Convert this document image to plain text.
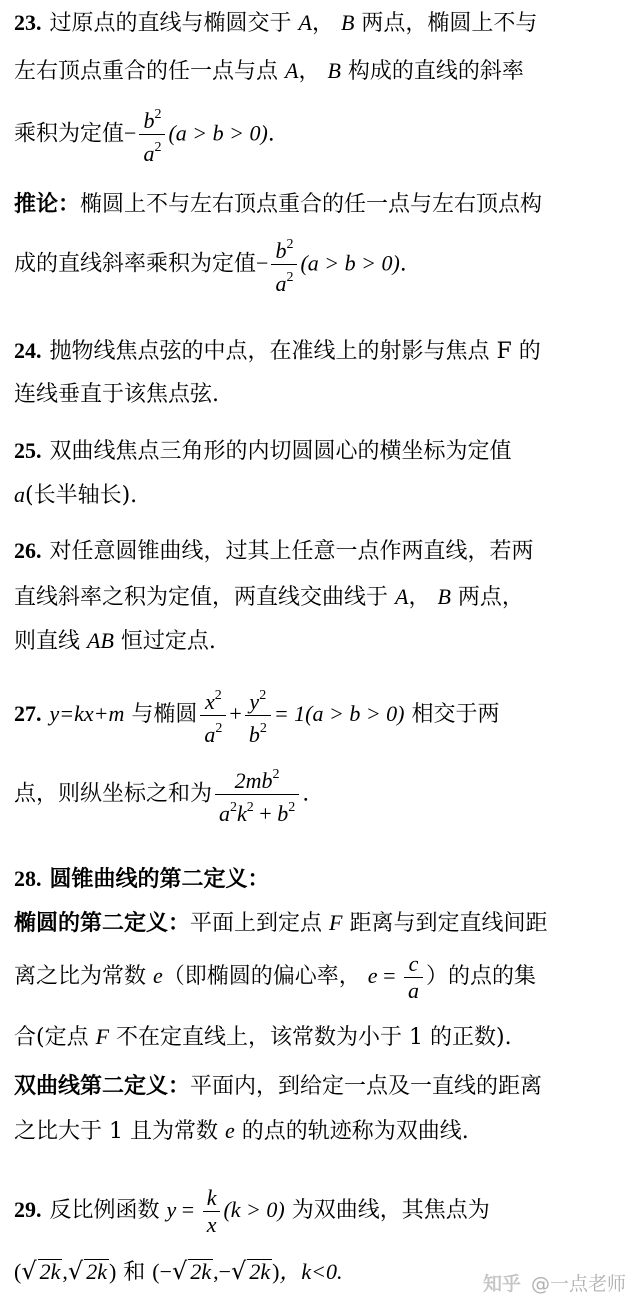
23. 过原点的直线与椭圆交于 A， B 两点，椭圆上不与
左右顶点重合的任一点与点 A， B 构成的直线的斜率
乘积为定值− $\frac{b^2}{a^2} (a > b > 0)$.
推论：椭圆上不与左右顶点重合的任一点与左右顶点构
成的直线斜率乘积为定值− $\frac{b^2}{a^2} (a > b > 0)$.
24. 抛物线焦点弦的中点，在准线上的射影与焦点 F 的
连线垂直于该焦点弦.
25. 双曲线焦点三角形的内切圆圆心的横坐标为定值
a(长半轴长).
26. 对任意圆锥曲线，过其上任意一点作两直线，若两
直线斜率之积为定值，两直线交曲线于 A， B 两点，
则直线 AB 恒过定点.
27. y=kx+m 与椭圆 $\frac{x^2}{a^2} + \frac{y^2}{b^2} = 1(a > b > 0)$ 相交于两
点，则纵坐标之和为 $\frac{2mb^2}{a^2k^2 + b^2}$ .
28. 圆锥曲线的第二定义：
椭圆的第二定义：平面上到定点 F 距离与到定直线间距
离之比为常数 e（即椭圆的偏心率， $e = \frac{c}{a}$ ）的点的集
合(定点 F 不在定直线上，该常数为小于 1 的正数).
双曲线第二定义：平面内，到给定一点及一直线的距离
之比大于 1 且为常数 e 的点的轨迹称为双曲线.
29. 反比例函数 $y = \frac{k}{x} (k > 0)$ 为双曲线，其焦点为
(√ 2k,√ 2k) 和 (−√ 2k,−√ 2k)，k<0.	知乎 @一点老师
